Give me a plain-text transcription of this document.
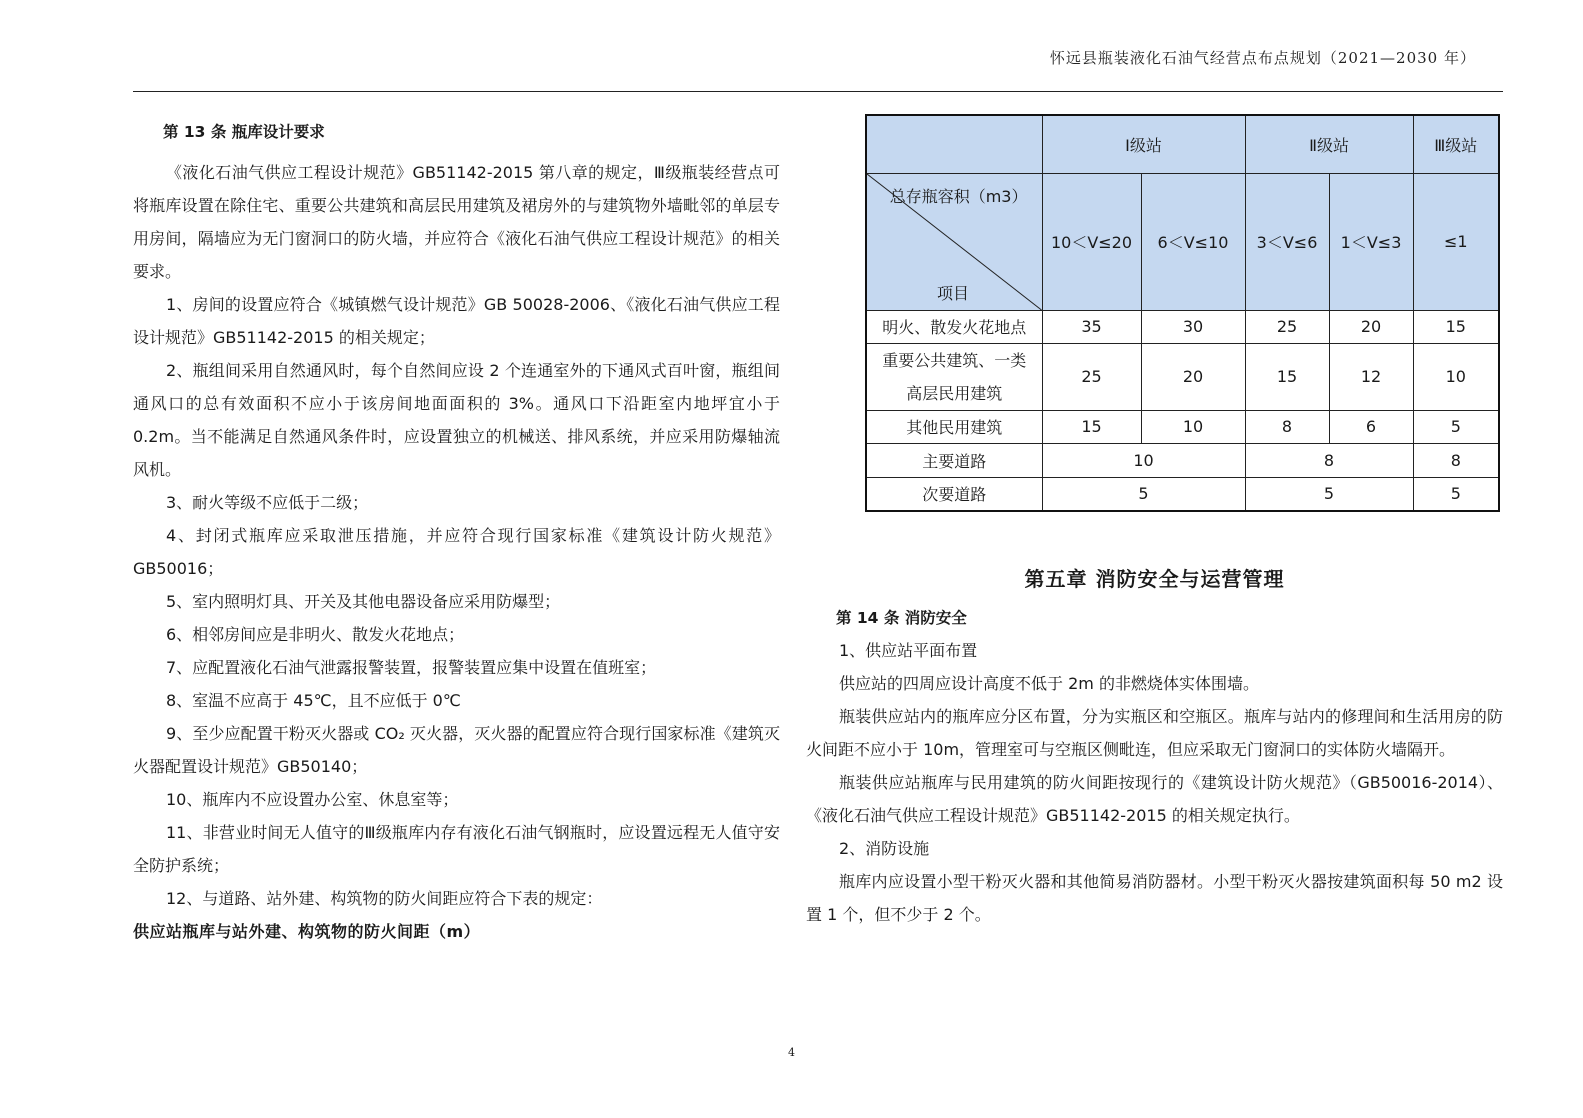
怀远县瓶装液化石油气经营点布点规划（2021—2030 年）
第 13 条 瓶库设计要求

《液化石油气供应工程设计规范》GB51142-2015 第八章的规定，Ⅲ级瓶装经营点可将瓶库设置在除住宅、重要公共建筑和高层民用建筑及裙房外的与建筑物外墙毗邻的单层专用房间，隔墙应为无门窗洞口的防火墙，并应符合《液化石油气供应工程设计规范》的相关要求。

1、房间的设置应符合《城镇燃气设计规范》GB 50028-2006、《液化石油气供应工程设计规范》GB51142-2015 的相关规定；

2、瓶组间采用自然通风时，每个自然间应设 2 个连通室外的下通风式百叶窗，瓶组间通风口的总有效面积不应小于该房间地面面积的 3%。通风口下沿距室内地坪宜小于 0.2m。当不能满足自然通风条件时，应设置独立的机械送、排风系统，并应采用防爆轴流风机。

3、耐火等级不应低于二级；

4、封闭式瓶库应采取泄压措施，并应符合现行国家标准《建筑设计防火规范》GB50016；

5、室内照明灯具、开关及其他电器设备应采用防爆型；

6、相邻房间应是非明火、散发火花地点；

7、应配置液化石油气泄露报警装置，报警装置应集中设置在值班室；

8、室温不应高于 45℃，且不应低于 0℃

9、至少应配置干粉灭火器或 CO₂ 灭火器，灭火器的配置应符合现行国家标准《建筑灭火器配置设计规范》GB50140；

10、瓶库内不应设置办公室、休息室等；

11、非营业时间无人值守的Ⅲ级瓶库内存有液化石油气钢瓶时，应设置远程无人值守安全防护系统；

12、与道路、站外建、构筑物的防火间距应符合下表的规定：

供应站瓶库与站外建、构筑物的防火间距（m）

	Ⅰ级站		Ⅱ级站		Ⅲ级站

总存瓶容积（m3）
项目	10＜V≤20	6＜V≤10	3＜V≤6	1＜V≤3	≤1
明火、散发火花地点	35	30	25	20	15

重要公共建筑、一类
高层民用建筑	25	20	15	12	10
其他民用建筑	15	10	8	6	5
主要道路	10		8		8
次要道路	5		5		5
第五章 消防安全与运营管理
第 14 条 消防安全

1、供应站平面布置

供应站的四周应设计高度不低于 2m 的非燃烧体实体围墙。

瓶装供应站内的瓶库应分区布置，分为实瓶区和空瓶区。瓶库与站内的修理间和生活用房的防火间距不应小于 10m，管理室可与空瓶区侧毗连，但应采取无门窗洞口的实体防火墙隔开。

瓶装供应站瓶库与民用建筑的防火间距按现行的《建筑设计防火规范》（GB50016-2014）、《液化石油气供应工程设计规范》GB51142-2015 的相关规定执行。

2、消防设施

瓶库内应设置小型干粉灭火器和其他简易消防器材。小型干粉灭火器按建筑面积每 50 m2 设置 1 个，但不少于 2 个。

4
